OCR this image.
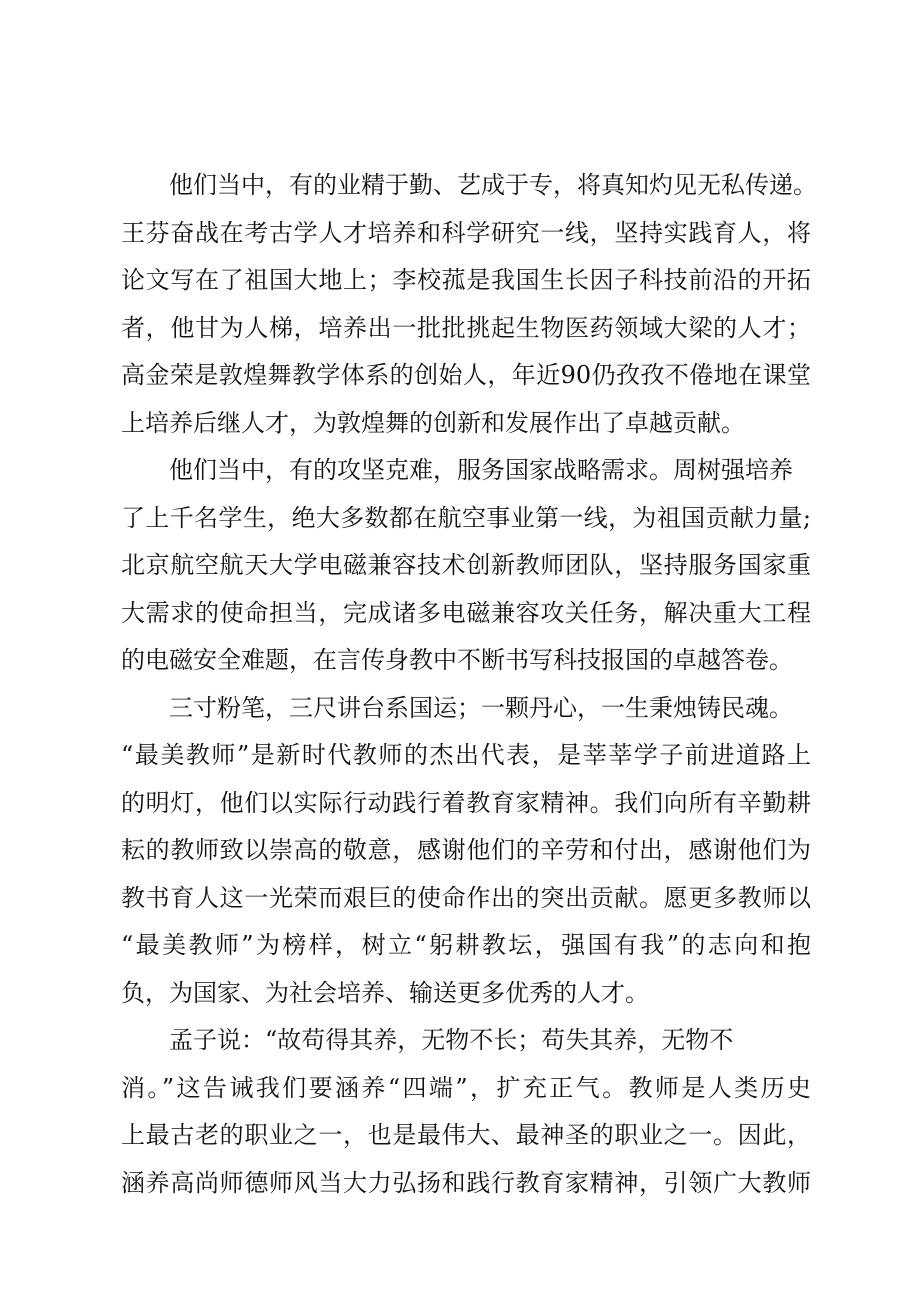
他们当中，有的业精于勤、艺成于专，将真知灼见无私传递。
王芬奋战在考古学人才培养和科学研究一线，坚持实践育人，将
论文写在了祖国大地上；李校菰是我国生长因子科技前沿的开拓
者，他甘为人梯，培养出一批批挑起生物医药领域大梁的人才；
高金荣是敦煌舞教学体系的创始人，年近90仍孜孜不倦地在课堂
上培养后继人才，为敦煌舞的创新和发展作出了卓越贡献。
他们当中，有的攻坚克难，服务国家战略需求。周树强培养
了上千名学生，绝大多数都在航空事业第一线，为祖国贡献力量;
北京航空航天大学电磁兼容技术创新教师团队，坚持服务国家重
大需求的使命担当，完成诸多电磁兼容攻关任务，解决重大工程
的电磁安全难题，在言传身教中不断书写科技报国的卓越答卷。
三寸粉笔，三尺讲台系国运；一颗丹心，一生秉烛铸民魂。
“最美教师”是新时代教师的杰出代表，是莘莘学子前进道路上
的明灯，他们以实际行动践行着教育家精神。我们向所有辛勤耕
耘的教师致以崇高的敬意，感谢他们的辛劳和付出，感谢他们为
教书育人这一光荣而艰巨的使命作出的突出贡献。愿更多教师以
“最美教师”为榜样，树立“躬耕教坛，强国有我”的志向和抱
负，为国家、为社会培养、输送更多优秀的人才。
孟子说：“故苟得其养，无物不长；苟失其养，无物不
消。”这告诫我们要涵养“四端”，扩充正气。教师是人类历史
上最古老的职业之一，也是最伟大、最神圣的职业之一。因此，
涵养高尚师德师风当大力弘扬和践行教育家精神，引领广大教师
